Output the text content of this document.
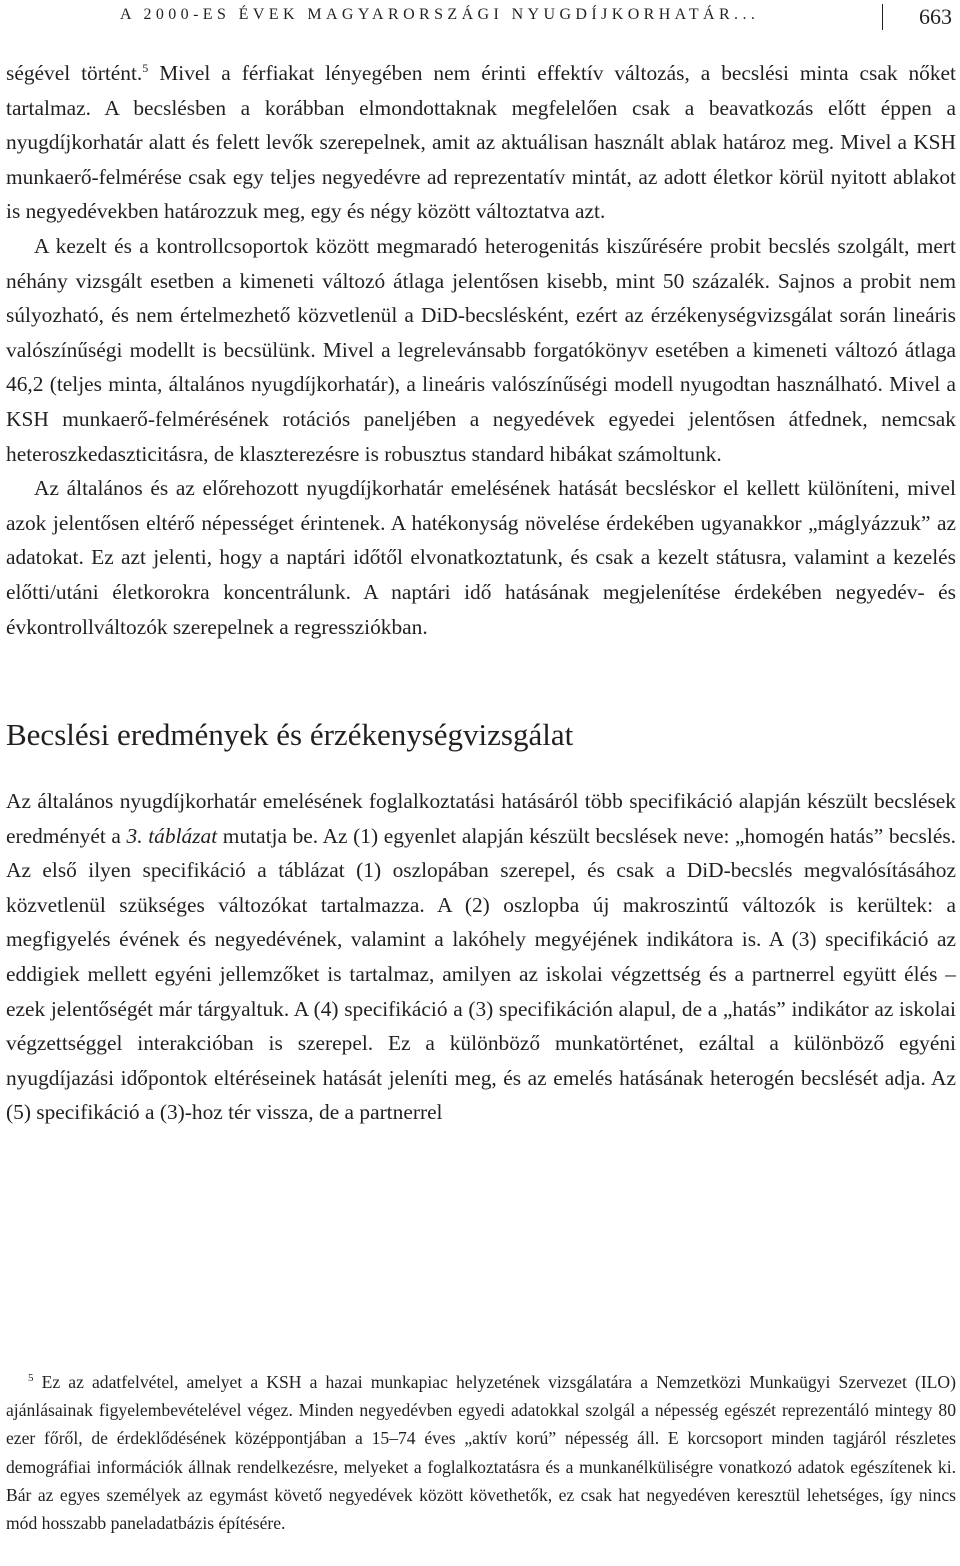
A 2000-ES ÉVEK MAGYARORSZÁGI NYUGDÍJKORHATÁR...	663

ségével történt.$^5$ Mivel a férfiakat lényegében nem érinti effektív változás, a becslési minta csak nőket tartalmaz. A becslésben a korábban elmondottaknak megfelelően csak a beavatkozás előtt éppen a nyugdíjkorhatár alatt és felett levők szerepelnek, amit az aktuálisan használt ablak határoz meg. Mivel a KSH munkaerő-felmérése csak egy teljes negyedévre ad reprezentatív mintát, az adott életkor körül nyitott ablakot is negyedévekben határozzuk meg, egy és négy között változtatva azt.

A kezelt és a kontrollcsoportok között megmaradó heterogenitás kiszűrésére probit becslés szolgált, mert néhány vizsgált esetben a kimeneti változó átlaga jelentősen kisebb, mint 50 százalék. Sajnos a probit nem súlyozható, és nem értelmezhető közvetlenül a DiD-becslésként, ezért az érzékenységvizsgálat során lineáris valószínűségi modellt is becsülünk. Mivel a legrelevánsabb forgatókönyv esetében a kimeneti változó átlaga 46,2 (teljes minta, általános nyugdíjkorhatár), a lineáris valószínűségi modell nyugodtan használható. Mivel a KSH munkaerő-felmérésének rotációs paneljében a negyedévek egyedei jelentősen átfednek, nemcsak heteroszkedaszticitásra, de klaszterezésre is robusztus standard hibákat számoltunk.

Az általános és az előrehozott nyugdíjkorhatár emelésének hatását becsléskor el kellett különíteni, mivel azok jelentősen eltérő népességet érintenek. A hatékonyság növelése érdekében ugyanakkor „máglyázzuk” az adatokat. Ez azt jelenti, hogy a naptári időtől elvonatkoztatunk, és csak a kezelt státusra, valamint a kezelés előtti/utáni életkorokra koncentrálunk. A naptári idő hatásának megjelenítése érdekében negyedév- és évkontrollváltozók szerepelnek a regressziókban.

Becslési eredmények és érzékenységvizsgálat

Az általános nyugdíjkorhatár emelésének foglalkoztatási hatásáról több specifikáció alapján készült becslések eredményét a 3. táblázat mutatja be. Az (1) egyenlet alapján készült becslések neve: „homogén hatás” becslés. Az első ilyen specifikáció a táblázat (1) oszlopában szerepel, és csak a DiD-becslés megvalósításához közvetlenül szükséges változókat tartalmazza. A (2) oszlopba új makroszintű változók is kerültek: a megfigyelés évének és negyedévének, valamint a lakóhely megyéjének indikátora is. A (3) specifikáció az eddigiek mellett egyéni jellemzőket is tartalmaz, amilyen az iskolai végzettség és a partnerrel együtt élés – ezek jelentőségét már tárgyaltuk. A (4) specifikáció a (3) specifikáción alapul, de a „hatás” indikátor az iskolai végzettséggel interakcióban is szerepel. Ez a különböző munkatörténet, ezáltal a különböző egyéni nyugdíjazási időpontok eltéréseinek hatását jeleníti meg, és az emelés hatásának heterogén becslését adja. Az (5) specifikáció a (3)-hoz tér vissza, de a partnerrel

$^5$ Ez az adatfelvétel, amelyet a KSH a hazai munkapiac helyzetének vizsgálatára a Nemzetközi Munkaügyi Szervezet (ILO) ajánlásainak figyelembevételével végez. Minden negyedévben egyedi adatokkal szolgál a népesség egészét reprezentáló mintegy 80 ezer főről, de érdeklődésének középpontjában a 15–74 éves „aktív korú” népesség áll. E korcsoport minden tagjáról részletes demográfiai információk állnak rendelkezésre, melyeket a foglalkoztatásra és a munkanélküliségre vonatkozó adatok egészítenek ki. Bár az egyes személyek az egymást követő negyedévek között követhetők, ez csak hat negyedéven keresztül lehetséges, így nincs mód hosszabb paneladatbázis építésére.
